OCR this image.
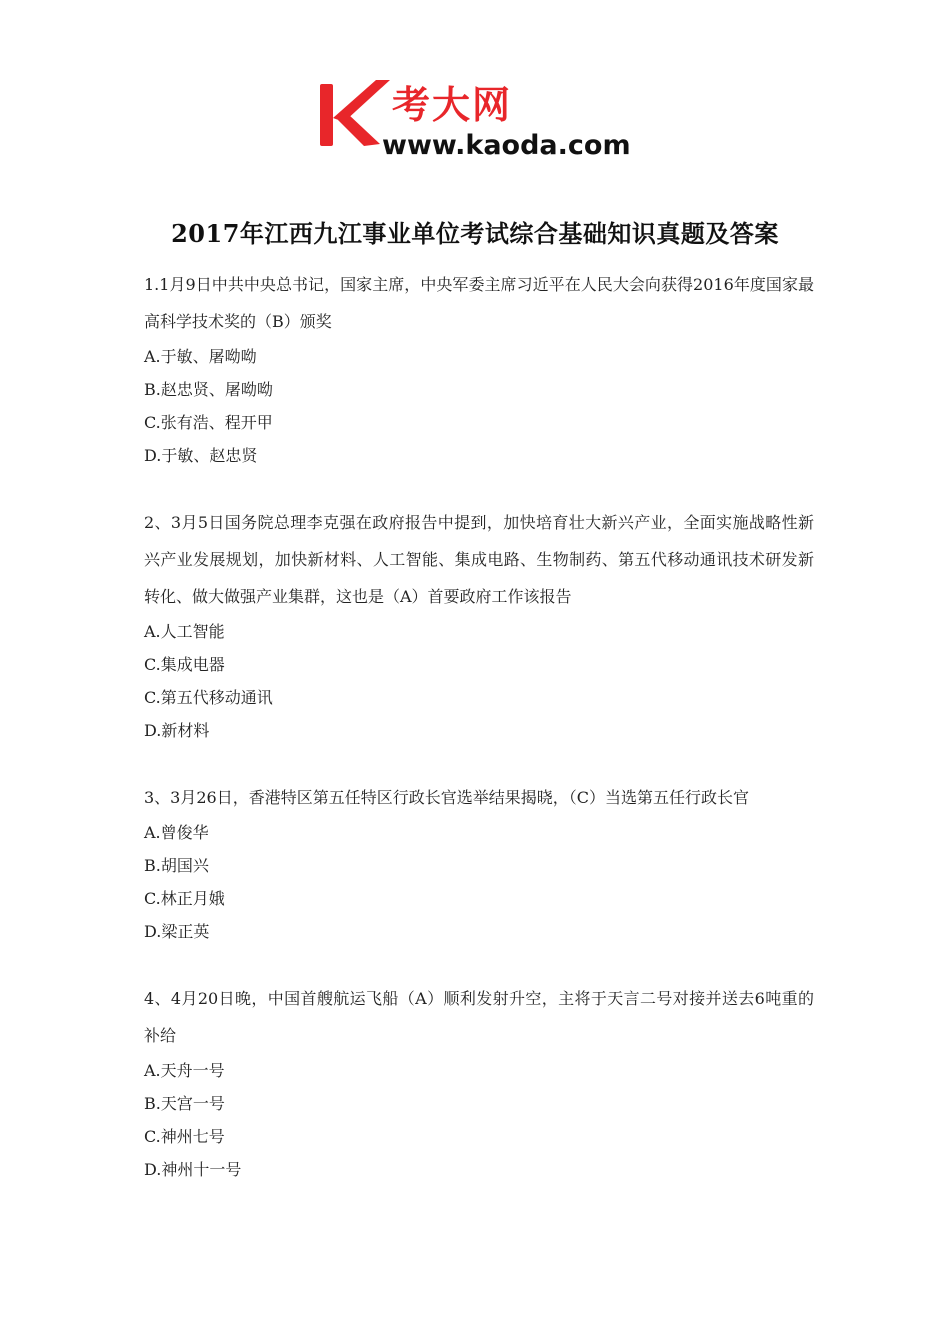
考大网
www.kaoda.com
2017年江西九江事业单位考试综合基础知识真题及答案

1.1月9日中共中央总书记，国家主席，中央军委主席习近平在人民大会向获得2016年度国家最高科学技术奖的（B）颁奖

A.于敏、屠呦呦

B.赵忠贤、屠呦呦

C.张有浩、程开甲

D.于敏、赵忠贤

2、3月5日国务院总理李克强在政府报告中提到，加快培育壮大新兴产业，全面实施战略性新兴产业发展规划，加快新材料、人工智能、集成电路、生物制药、第五代移动通讯技术研发新转化、做大做强产业集群，这也是（A）首要政府工作该报告

A.人工智能

C.集成电器

C.第五代移动通讯

D.新材料

3、3月26日，香港特区第五任特区行政长官选举结果揭晓，（C）当选第五任行政长官

A.曾俊华

B.胡国兴

C.林正月娥

D.梁正英

4、4月20日晚，中国首艘航运飞船（A）顺利发射升空，主将于天言二号对接并送去6吨重的补给

A.天舟一号

B.天宫一号

C.神州七号

D.神州十一号
